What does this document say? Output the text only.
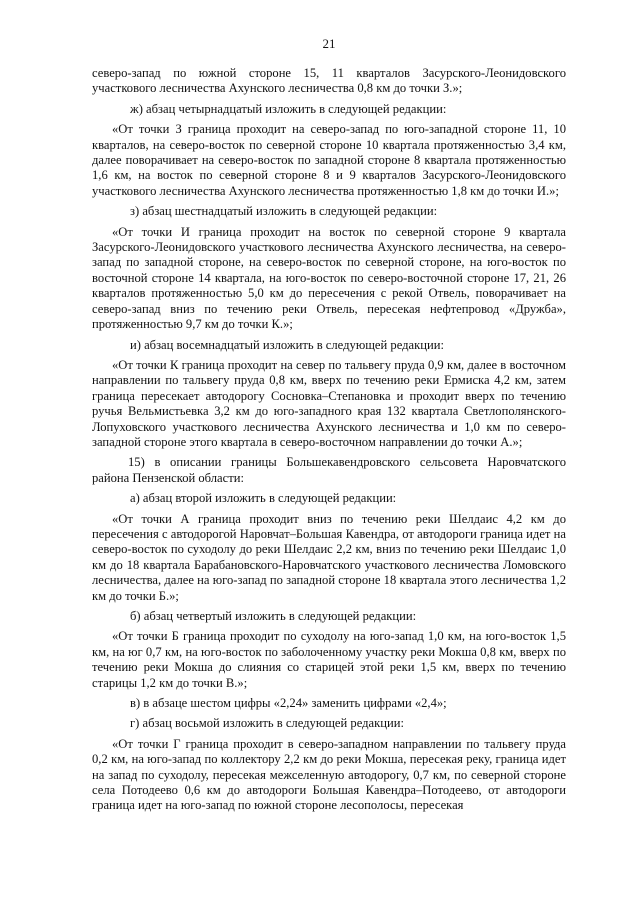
21

северо-запад по южной стороне 15, 11 кварталов Засурского-Леонидовского участкового лесничества Ахунского лесничества 0,8 км до точки З.»;

ж) абзац четырнадцатый изложить в следующей редакции:

«От точки З граница проходит на северо-запад по юго-западной стороне 11, 10 кварталов, на северо-восток по северной стороне 10 квартала протяженностью 3,4 км, далее поворачивает на северо-восток по западной стороне 8 квартала протяженностью 1,6 км, на восток по северной стороне 8 и 9 кварталов Засурского-Леонидовского участкового лесничества Ахунского лесничества протяженностью 1,8 км до точки И.»;

з) абзац шестнадцатый изложить в следующей редакции:

«От точки И граница проходит на восток по северной стороне 9 квартала Засурского-Леонидовского участкового лесничества Ахунского лесничества, на северо-запад по западной стороне, на северо-восток по северной стороне, на юго-восток по восточной стороне 14 квартала, на юго-восток по северо-восточной стороне 17, 21, 26 кварталов протяженностью 5,0 км до пересечения с рекой Отвель, поворачивает на северо-запад вниз по течению реки Отвель, пересекая нефтепровод «Дружба», протяженностью 9,7 км до точки К.»;

и) абзац восемнадцатый изложить в следующей редакции:

«От точки К граница проходит на север по тальвегу пруда 0,9 км, далее в восточном направлении по тальвегу пруда 0,8 км, вверх по течению реки Ермиска 4,2 км, затем граница пересекает автодорогу Сосновка–Степановка и проходит вверх по течению ручья Вельмистьевка 3,2 км до юго-западного края 132 квартала Светлополянского-Лопуховского участкового лесничества Ахунского лесничества и 1,0 км по северо-западной стороне этого квартала в северо-восточном направлении до точки А.»;

15) в описании границы Большекавендровского сельсовета Наровчатского района Пензенской области:

а) абзац второй изложить в следующей редакции:

«От точки А граница проходит вниз по течению реки Шелдаис 4,2 км до пересечения с автодорогой Наровчат–Большая Кавендра, от автодороги граница идет на северо-восток по суходолу до реки Шелдаис 2,2 км, вниз по течению реки Шелдаис 1,0 км до 18 квартала Барабановского-Наровчатского участкового лесничества Ломовского лесничества, далее на юго-запад по западной стороне 18 квартала этого лесничества 1,2 км до точки Б.»;

б) абзац четвертый изложить в следующей редакции:

«От точки Б граница проходит по суходолу на юго-запад 1,0 км, на юго-восток 1,5 км, на юг 0,7 км, на юго-восток по заболоченному участку реки Мокша 0,8 км, вверх по течению реки Мокша до слияния со старицей этой реки 1,5 км, вверх по течению старицы 1,2 км до точки В.»;

в) в абзаце шестом цифры «2,24» заменить цифрами «2,4»;

г) абзац восьмой изложить в следующей редакции:

«От точки Г граница проходит в северо-западном направлении по тальвегу пруда 0,2 км, на юго-запад по коллектору 2,2 км до реки Мокша, пересекая реку, граница идет на запад по суходолу, пересекая межселенную автодорогу, 0,7 км, по северной стороне села Потодеево 0,6 км до автодороги Большая Кавендра–Потодеево, от автодороги граница идет на юго-запад по южной стороне лесополосы, пересекая
